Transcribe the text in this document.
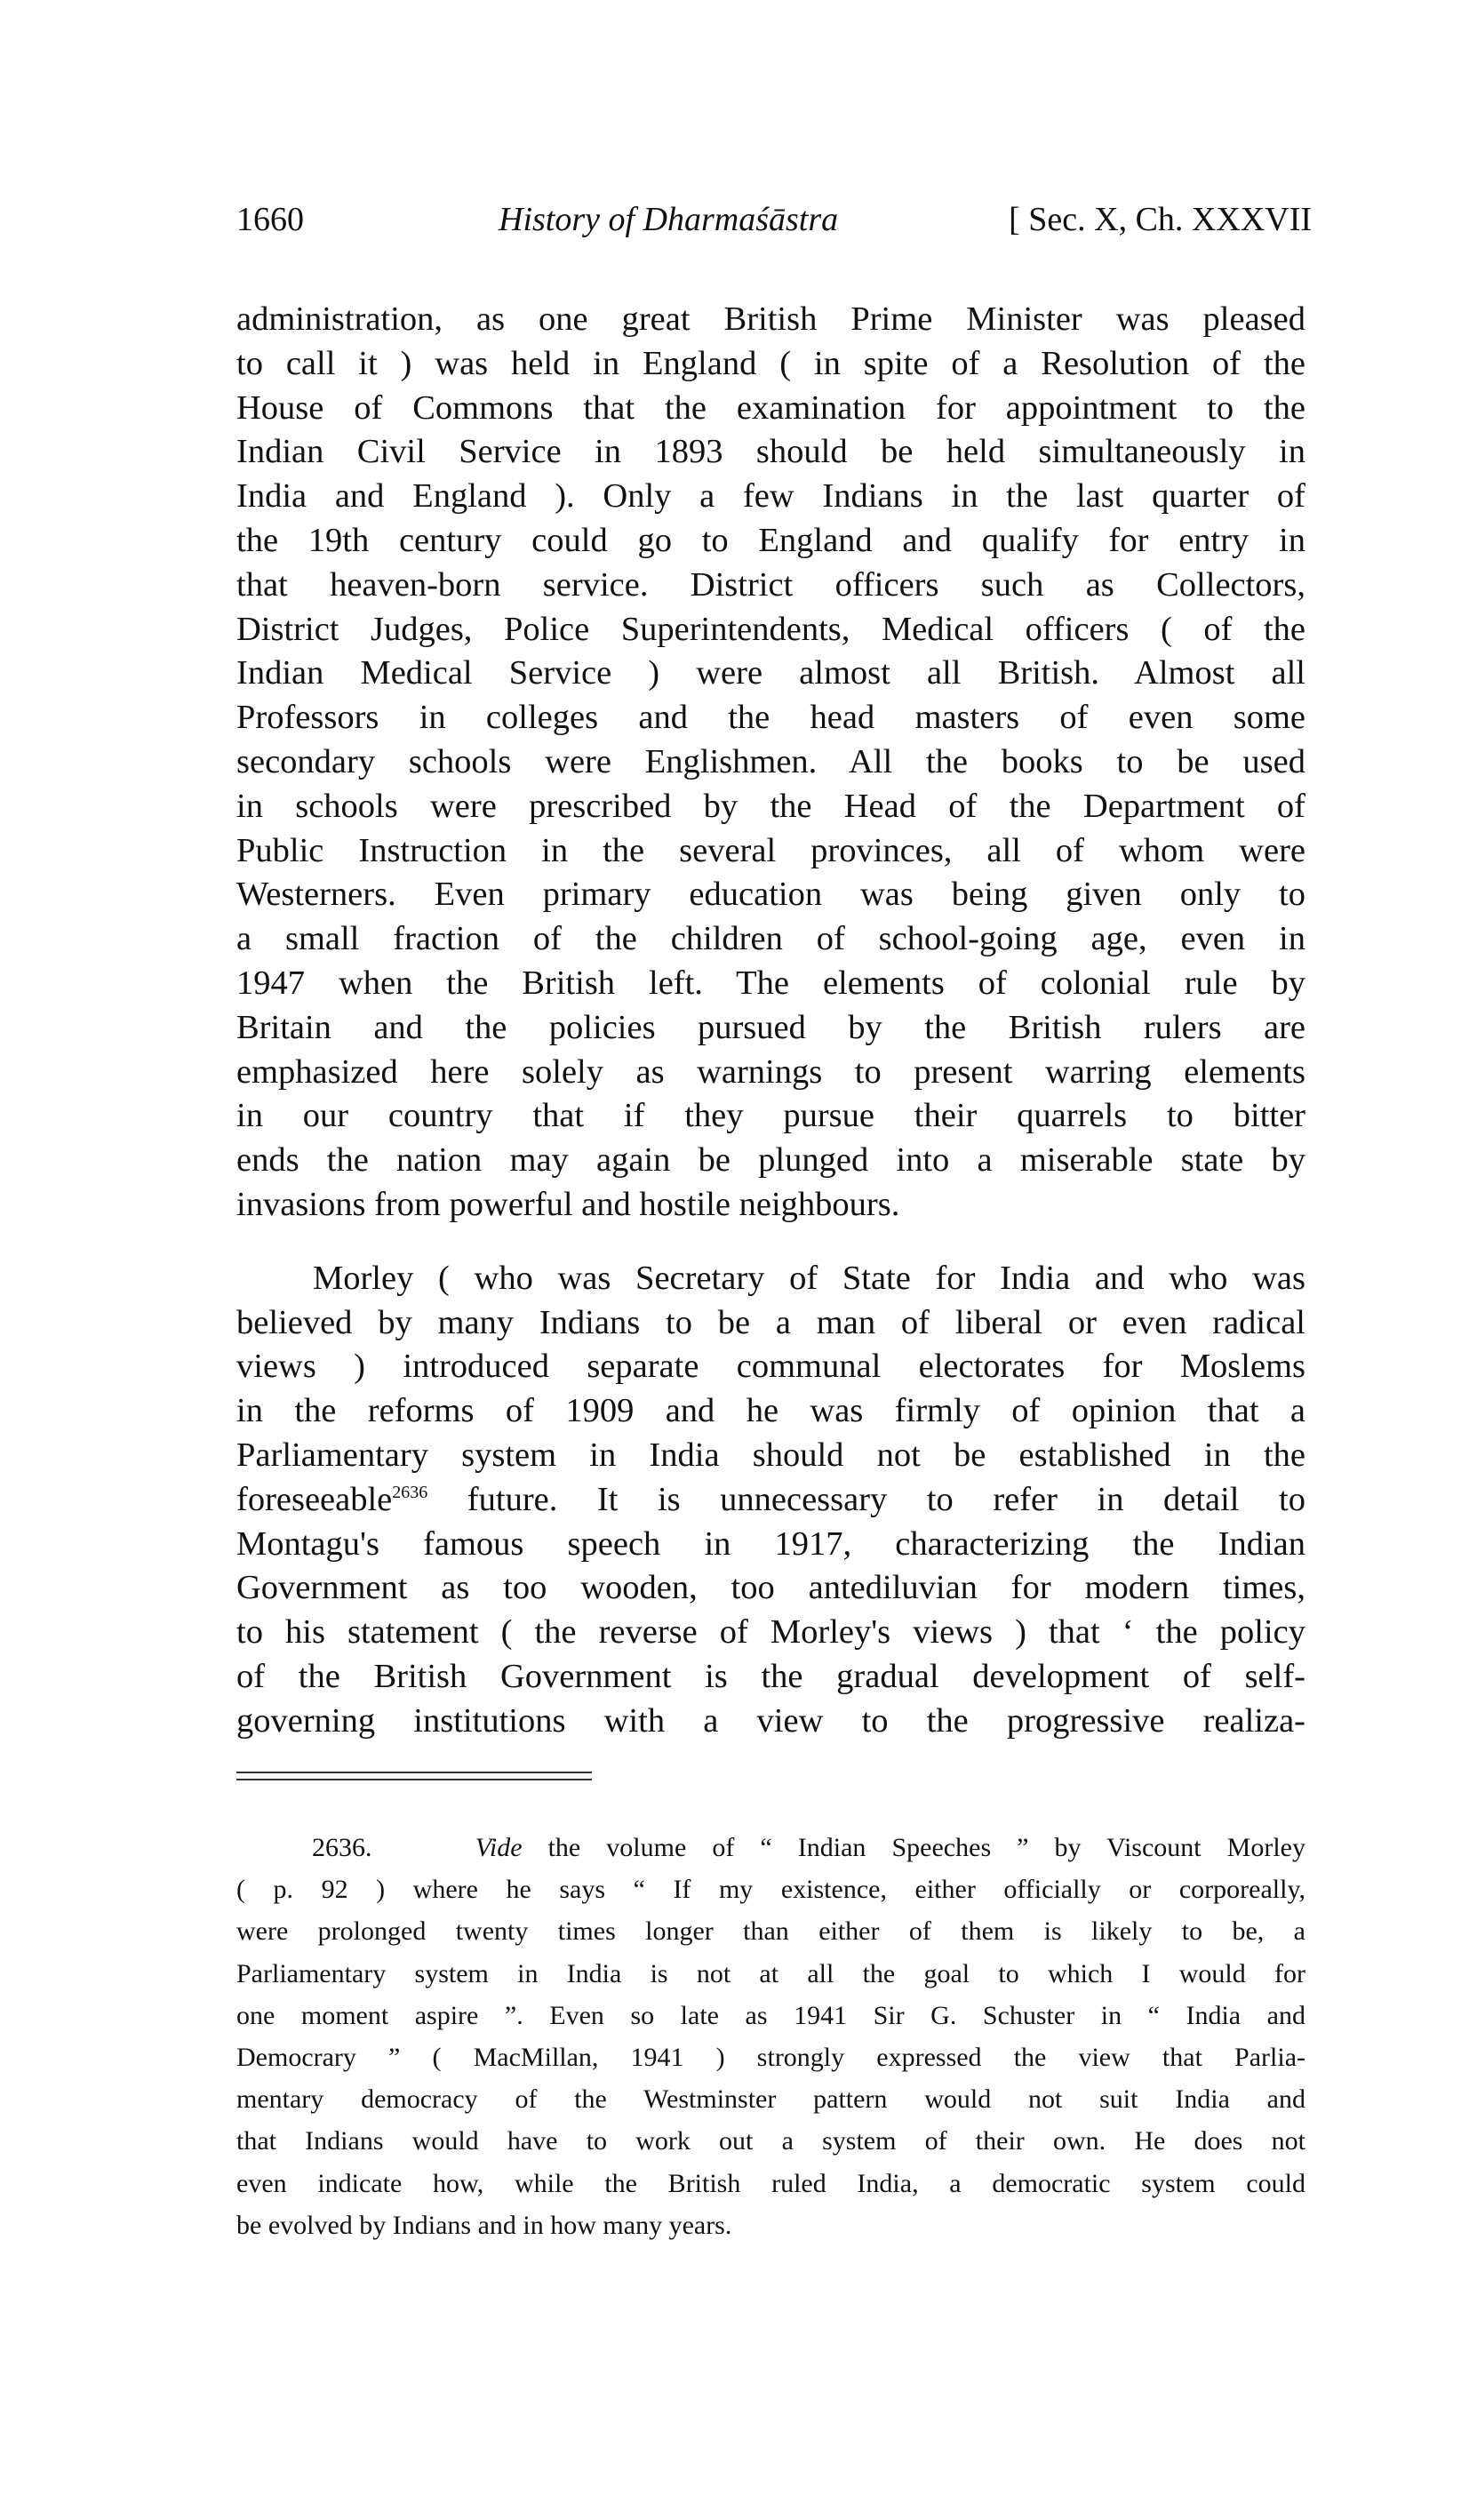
1660	History of Dharmaśāstra	[ Sec. X, Ch. XXXVII
administration, as one great British Prime Minister was pleased
to call it ) was held in England ( in spite of a Resolution of the
House of Commons that the examination for appointment to the
Indian Civil Service in 1893 should be held simultaneously in
India and England ). Only a few Indians in the last quarter of
the 19th century could go to England and qualify for entry in
that heaven-born service. District officers such as Collectors,
District Judges, Police Superintendents, Medical officers ( of the
Indian Medical Service ) were almost all British. Almost all
Professors in colleges and the head masters of even some
secondary schools were Englishmen. All the books to be used
in schools were prescribed by the Head of the Department of
Public Instruction in the several provinces, all of whom were
Westerners. Even primary education was being given only to
a small fraction of the children of school-going age, even in
1947 when the British left. The elements of colonial rule by
Britain and the policies pursued by the British rulers are
emphasized here solely as warnings to present warring elements
in our country that if they pursue their quarrels to bitter
ends the nation may again be plunged into a miserable state by
invasions from powerful and hostile neighbours.
Morley ( who was Secretary of State for India and who was
believed by many Indians to be a man of liberal or even radical
views ) introduced separate communal electorates for Moslems
in the reforms of 1909 and he was firmly of opinion that a
Parliamentary system in India should not be established in the
foreseeable$^{2636}$ future. It is unnecessary to refer in detail to
Montagu's famous speech in 1917, characterizing the Indian
Government as too wooden, too antediluvian for modern times,
to his statement ( the reverse of Morley's views ) that ‘ the policy
of the British Government is the gradual development of self-
governing institutions with a view to the progressive realiza-
2636.	Vide the volume of “ Indian Speeches ” by Viscount Morley
( p. 92 ) where he says “ If my existence, either officially or corporeally,
were prolonged twenty times longer than either of them is likely to be, a
Parliamentary system in India is not at all the goal to which I would for
one moment aspire ”. Even so late as 1941 Sir G. Schuster in “ India and
Democrary ” ( MacMillan, 1941 ) strongly expressed the view that Parlia-
mentary democracy of the Westminster pattern would not suit India and
that Indians would have to work out a system of their own. He does not
even indicate how, while the British ruled India, a democratic system could
be evolved by Indians and in how many years.
